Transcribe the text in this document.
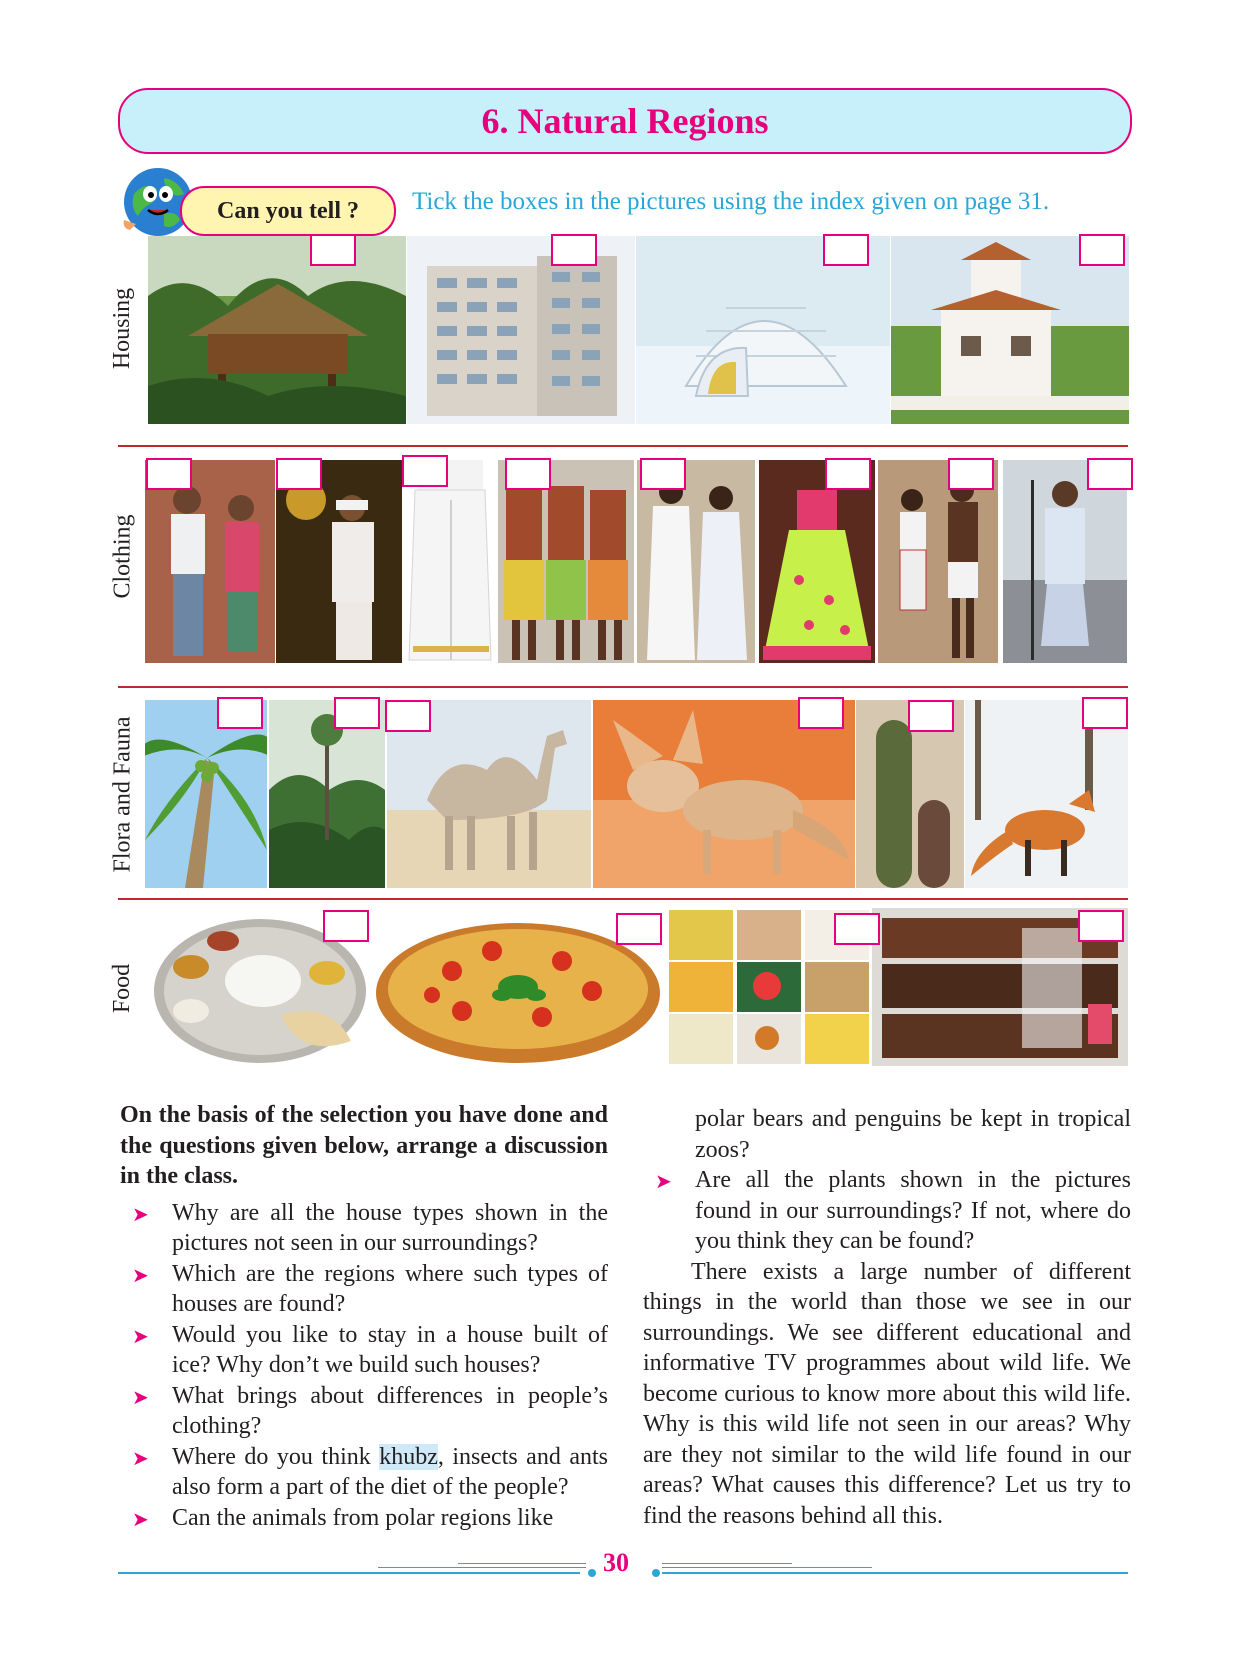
6. Natural Regions
Can you tell ?	Tick the boxes in the pictures using the index given on page 31.
Housing
Clothing
Flora and Fauna
Food
On the basis of the selection you have done and the questions given below, arrange a discussion in the class.
➤ Why are all the house types shown in the pictures not seen in our surroundings?
➤ Which are the regions where such types of houses are found?
➤ Would you like to stay in a house built of ice? Why don’t we build such houses?
➤ What brings about differences in people’s clothing?
➤ Where do you think khubz, insects and ants also form a part of the diet of the people?
➤ Can the animals from polar regions like
polar bears and penguins be kept in tropical zoos?
➤ Are all the plants shown in the pictures found in our surroundings? If not, where do you think they can be found?
There exists a large number of different things in the world than those we see in our surroundings. We see different educational and informative TV programmes about wild life. We become curious to know more about this wild life. Why is this wild life not seen in our areas? Why are they not similar to the wild life found in our areas? What causes this difference? Let us try to find the reasons behind all this.
30
